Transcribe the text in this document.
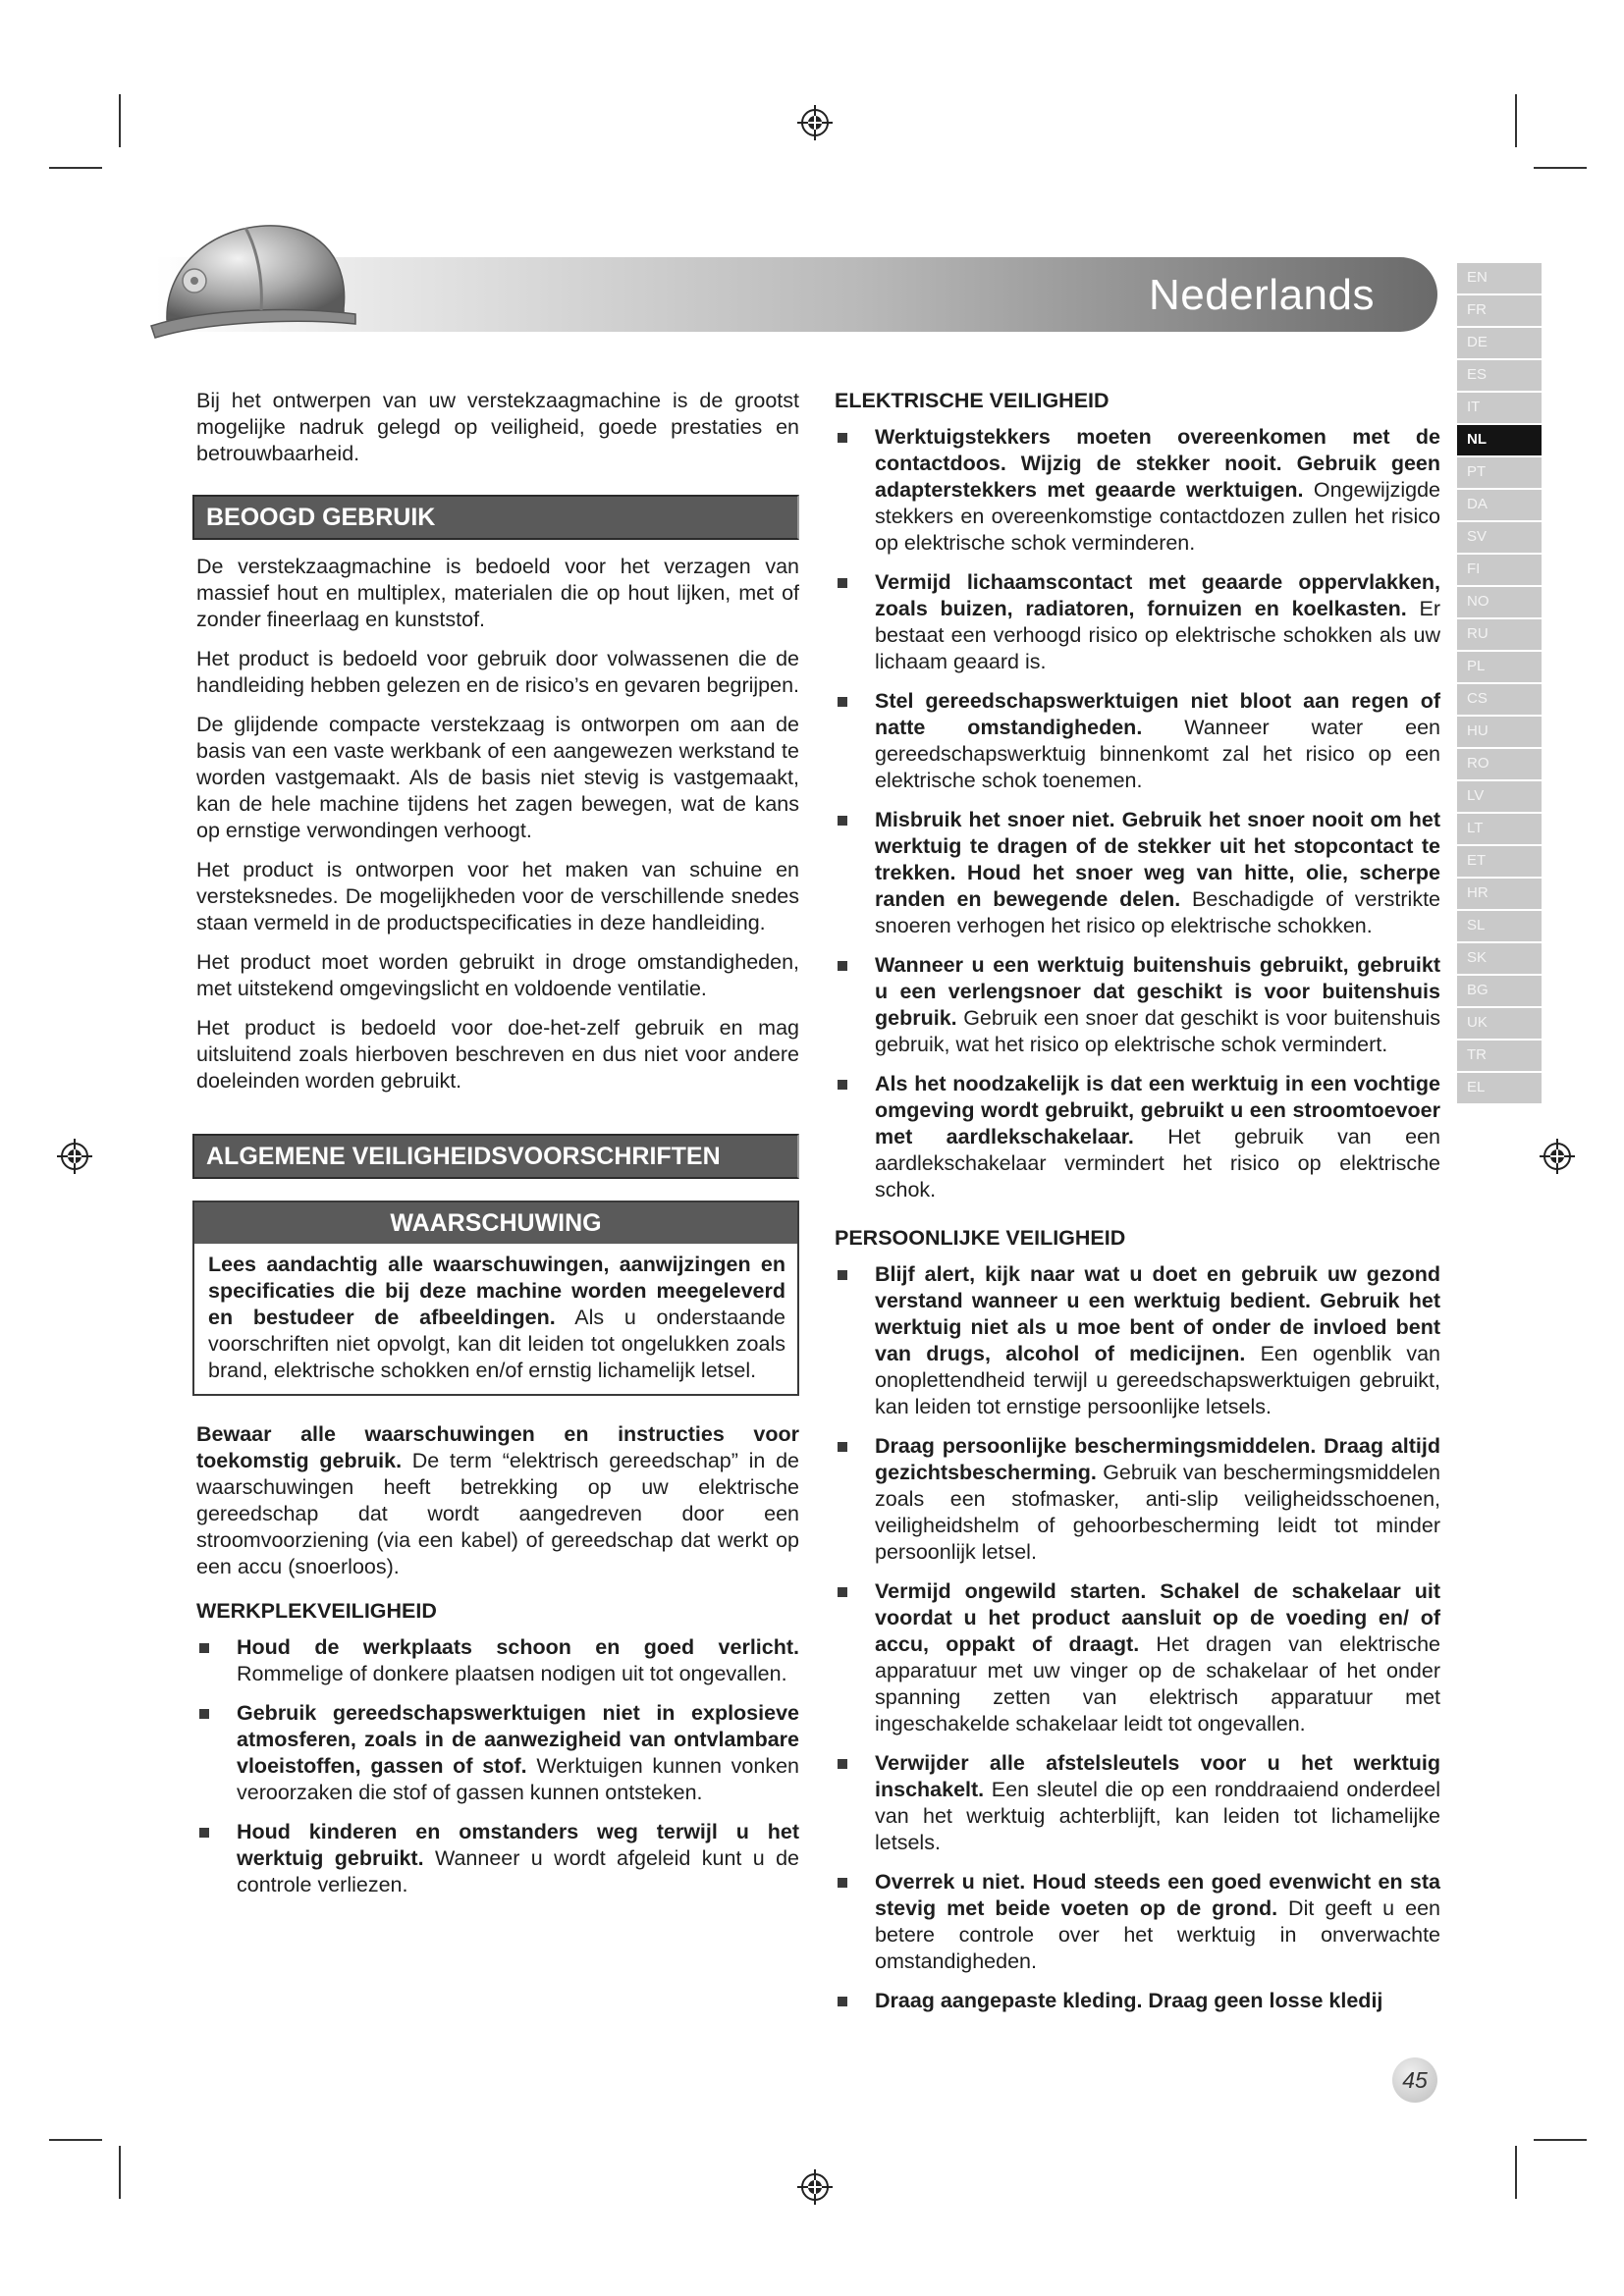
Nederlands	EN
FR
DE
ES
IT
NL
PT
DA
SV
FI
NO
RU
PL
CS
HU
RO
LV
LT
ET
HR
SL
SK
BG
UK
TR
EL

Bij het ontwerpen van uw verstekzaagmachine is de grootst mogelijke nadruk gelegd op veiligheid, goede prestaties en betrouwbaarheid.

BEOOGD GEBRUIK

De verstekzaagmachine is bedoeld voor het verzagen van massief hout en multiplex, materialen die op hout lijken, met of zonder fineerlaag en kunststof.

Het product is bedoeld voor gebruik door volwassenen die de handleiding hebben gelezen en de risico’s en gevaren begrijpen.

De glijdende compacte verstekzaag is ontworpen om aan de basis van een vaste werkbank of een aangewezen werkstand te worden vastgemaakt. Als de basis niet stevig is vastgemaakt, kan de hele machine tijdens het zagen bewegen, wat de kans op ernstige verwondingen verhoogt.

Het product is ontworpen voor het maken van schuine en versteksnedes. De mogelijkheden voor de verschillende snedes staan vermeld in de productspecificaties in deze handleiding.

Het product moet worden gebruikt in droge omstandigheden, met uitstekend omgevingslicht en voldoende ventilatie.

Het product is bedoeld voor doe-het-zelf gebruik en mag uitsluitend zoals hierboven beschreven en dus niet voor andere doeleinden worden gebruikt.

ALGEMENE VEILIGHEIDSVOORSCHRIFTEN
WAARSCHUWING
Lees aandachtig alle waarschuwingen, aanwijzingen en specificaties die bij deze machine worden meegeleverd en bestudeer de afbeeldingen. Als u onderstaande voorschriften niet opvolgt, kan dit leiden tot ongelukken zoals brand, elektrische schokken en/of ernstig lichamelijk letsel.

Bewaar alle waarschuwingen en instructies voor toekomstig gebruik. De term “elektrisch gereedschap” in de waarschuwingen heeft betrekking op uw elektrische gereedschap dat wordt aangedreven door een stroomvoorziening (via een kabel) of gereedschap dat werkt op een accu (snoerloos).

WERKPLEKVEILIGHEID
Houd de werkplaats schoon en goed verlicht. Rommelige of donkere plaatsen nodigen uit tot ongevallen.
Gebruik gereedschapswerktuigen niet in explosieve atmosferen, zoals in de aanwezigheid van ontvlambare vloeistoffen, gassen of stof. Werktuigen kunnen vonken veroorzaken die stof of gassen kunnen ontsteken.
Houd kinderen en omstanders weg terwijl u het werktuig gebruikt. Wanneer u wordt afgeleid kunt u de controle verliezen.
ELEKTRISCHE VEILIGHEID
Werktuigstekkers moeten overeenkomen met de contactdoos. Wijzig de stekker nooit. Gebruik geen adapterstekkers met geaarde werktuigen. Ongewijzigde stekkers en overeenkomstige contactdozen zullen het risico op elektrische schok verminderen.
Vermijd lichaamscontact met geaarde oppervlakken, zoals buizen, radiatoren, fornuizen en koelkasten. Er bestaat een verhoogd risico op elektrische schokken als uw lichaam geaard is.
Stel gereedschapswerktuigen niet bloot aan regen of natte omstandigheden. Wanneer water een gereedschapswerktuig binnenkomt zal het risico op een elektrische schok toenemen.
Misbruik het snoer niet. Gebruik het snoer nooit om het werktuig te dragen of de stekker uit het stopcontact te trekken. Houd het snoer weg van hitte, olie, scherpe randen en bewegende delen. Beschadigde of verstrikte snoeren verhogen het risico op elektrische schokken.
Wanneer u een werktuig buitenshuis gebruikt, gebruikt u een verlengsnoer dat geschikt is voor buitenshuis gebruik. Gebruik een snoer dat geschikt is voor buitenshuis gebruik, wat het risico op elektrische schok vermindert.
Als het noodzakelijk is dat een werktuig in een vochtige omgeving wordt gebruikt, gebruikt u een stroomtoevoer met aardlekschakelaar. Het gebruik van een aardlekschakelaar vermindert het risico op elektrische schok.
PERSOONLIJKE VEILIGHEID
Blijf alert, kijk naar wat u doet en gebruik uw gezond verstand wanneer u een werktuig bedient. Gebruik het werktuig niet als u moe bent of onder de invloed bent van drugs, alcohol of medicijnen. Een ogenblik van onoplettendheid terwijl u gereedschapswerktuigen gebruikt, kan leiden tot ernstige persoonlijke letsels.
Draag persoonlijke beschermingsmiddelen. Draag altijd gezichtsbescherming. Gebruik van beschermingsmiddelen zoals een stofmasker, anti-slip veiligheidsschoenen, veiligheidshelm of gehoorbescherming leidt tot minder persoonlijk letsel.
Vermijd ongewild starten. Schakel de schakelaar uit voordat u het product aansluit op de voeding en/ of accu, oppakt of draagt. Het dragen van elektrische apparatuur met uw vinger op de schakelaar of het onder spanning zetten van elektrisch apparatuur met ingeschakelde schakelaar leidt tot ongevallen.
Verwijder alle afstelsleutels voor u het werktuig inschakelt. Een sleutel die op een ronddraaiend onderdeel van het werktuig achterblijft, kan leiden tot lichamelijke letsels.
Overrek u niet. Houd steeds een goed evenwicht en sta stevig met beide voeten op de grond. Dit geeft u een betere controle over het werktuig in onverwachte omstandigheden.
Draag aangepaste kleding. Draag geen losse kledij
45
